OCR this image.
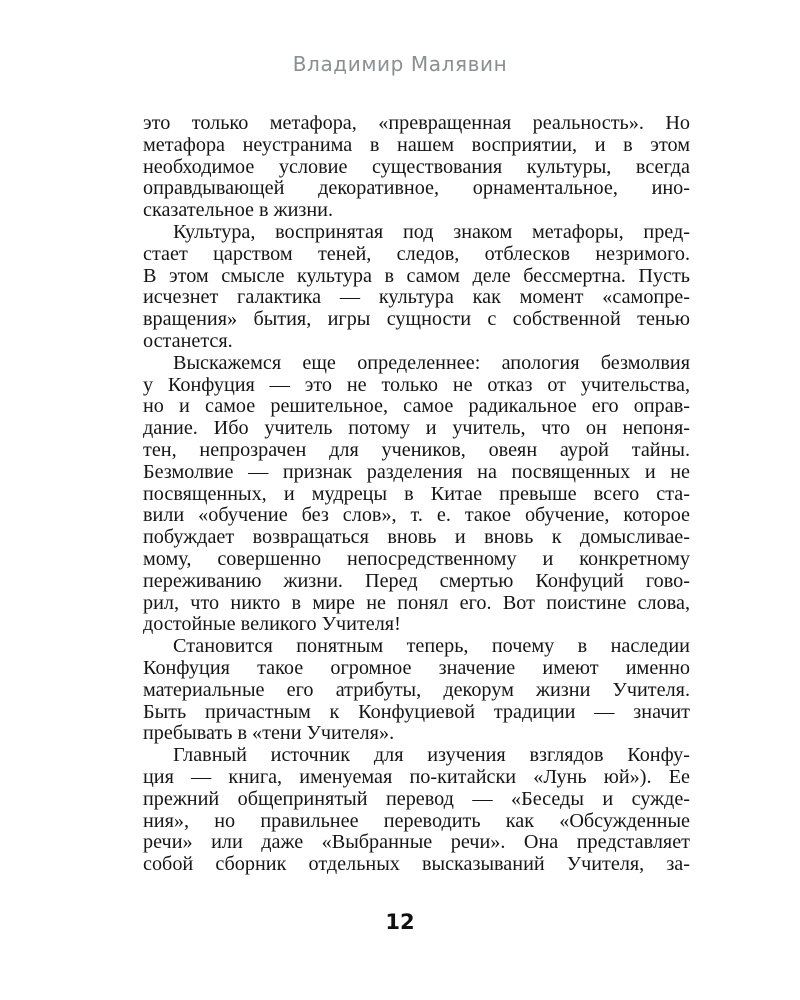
Владимир Малявин
это только метафора, «превращенная реальность». Но
метафора неустранима в нашем восприятии, и в этом
необходимое условие существования культуры, всегда
оправдывающей декоративное, орнаментальное, ино-
сказательное в жизни.
Культура, воспринятая под знаком метафоры, пред-
стает царством теней, следов, отблесков незримого.
В этом смысле культура в самом деле бессмертна. Пусть
исчезнет галактика — культура как момент «самопре-
вращения» бытия, игры сущности с собственной тенью
останется.
Выскажемся еще определеннее: апология безмолвия
у Конфуция — это не только не отказ от учительства,
но и самое решительное, самое радикальное его оправ-
дание. Ибо учитель потому и учитель, что он непоня-
тен, непрозрачен для учеников, овеян аурой тайны.
Безмолвие — признак разделения на посвященных и не
посвященных, и мудрецы в Китае превыше всего ста-
вили «обучение без слов», т. е. такое обучение, которое
побуждает возвращаться вновь и вновь к домысливае-
мому, совершенно непосредственному и конкретному
переживанию жизни. Перед смертью Конфуций гово-
рил, что никто в мире не понял его. Вот поистине слова,
достойные великого Учителя!
Становится понятным теперь, почему в наследии
Конфуция такое огромное значение имеют именно
материальные его атрибуты, декорум жизни Учителя.
Быть причастным к Конфуциевой традиции — значит
пребывать в «тени Учителя».
Главный источник для изучения взглядов Конфу-
ция — книга, именуемая по-китайски «Лунь юй»). Ее
прежний общепринятый перевод — «Беседы и сужде-
ния», но правильнее переводить как «Обсужденные
речи» или даже «Выбранные речи». Она представляет
собой сборник отдельных высказываний Учителя, за-
12
